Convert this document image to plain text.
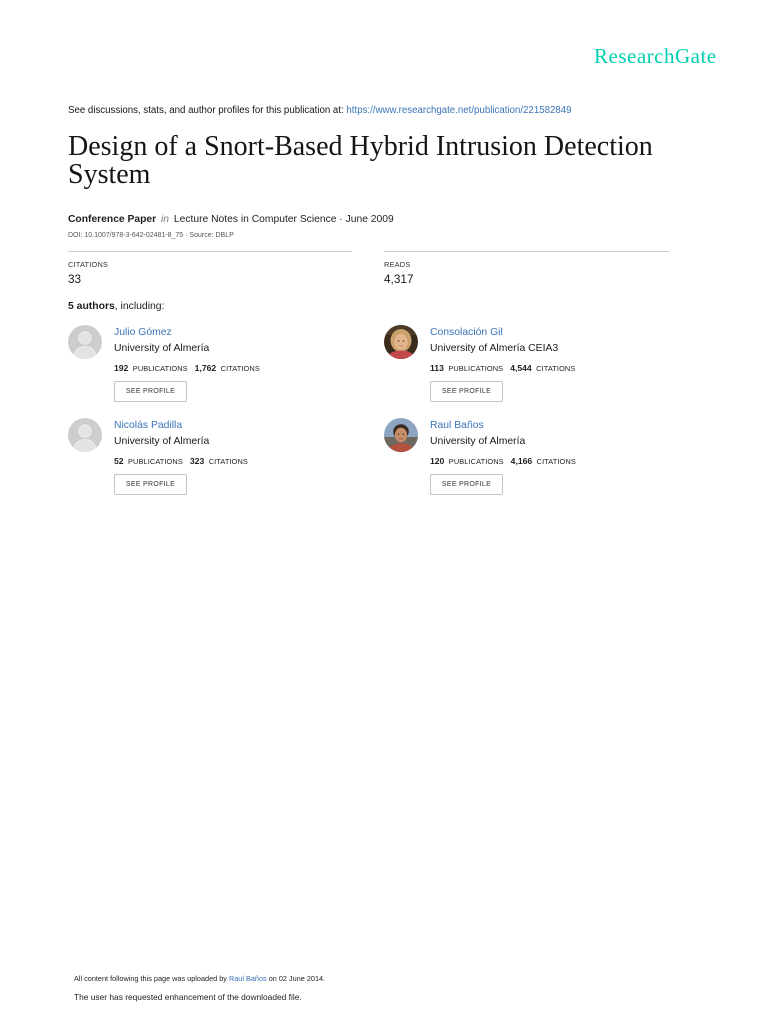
ResearchGate
See discussions, stats, and author profiles for this publication at: https://www.researchgate.net/publication/221582849
Design of a Snort-Based Hybrid Intrusion Detection System
Conference Paper in Lecture Notes in Computer Science · June 2009
DOI: 10.1007/978-3-642-02481-8_75 · Source: DBLP
CITATIONS
33
READS
4,317
5 authors, including:
Julio Gómez
University of Almería
192 PUBLICATIONS 1,762 CITATIONS
SEE PROFILE
Consolación Gil
University of Almería CEIA3
113 PUBLICATIONS 4,544 CITATIONS
SEE PROFILE
Nicolás Padilla
University of Almería
52 PUBLICATIONS 323 CITATIONS
SEE PROFILE
Raul Baños
University of Almería
120 PUBLICATIONS 4,166 CITATIONS
SEE PROFILE
All content following this page was uploaded by Raul Baños on 02 June 2014.
The user has requested enhancement of the downloaded file.
